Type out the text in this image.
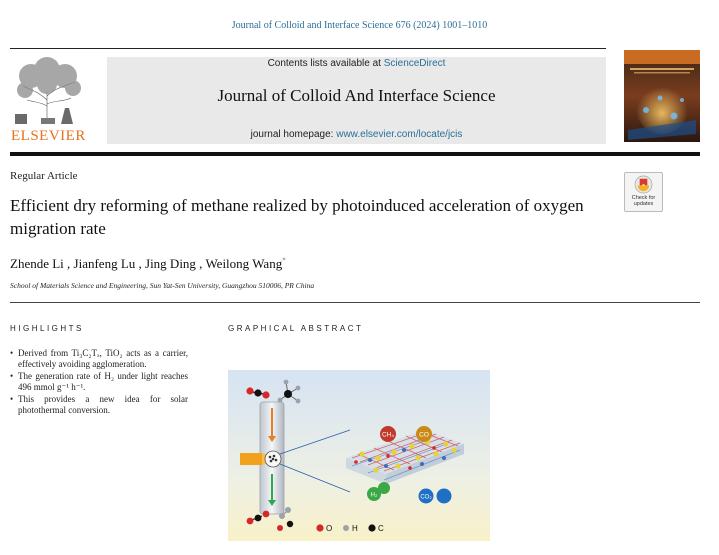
Journal of Colloid and Interface Science 676 (2024) 1001–1010
ELSEVIER
Contents lists available at ScienceDirect
Journal of Colloid And Interface Science
journal homepage: www.elsevier.com/locate/jcis
Regular Article
Efficient dry reforming of methane realized by photoinduced acceleration of oxygen migration rate
Check for
updates
Zhende Li , Jianfeng Lu , Jing Ding , Weilong Wang*
School of Materials Science and Engineering, Sun Yat-Sen University, Guangzhou 510006, PR China
HIGHLIGHTS
• Derived from Ti₃C₂Tₓ, TiO₂ acts as a carrier, effectively avoiding agglomeration.
• The generation rate of H₂ under light reaches 496 mmol g⁻¹ h⁻¹.
• This provides a new idea for solar photothermal conversion.
GRAPHICAL ABSTRACT
CH₄	CO
H₂	CO₂
O H	C
